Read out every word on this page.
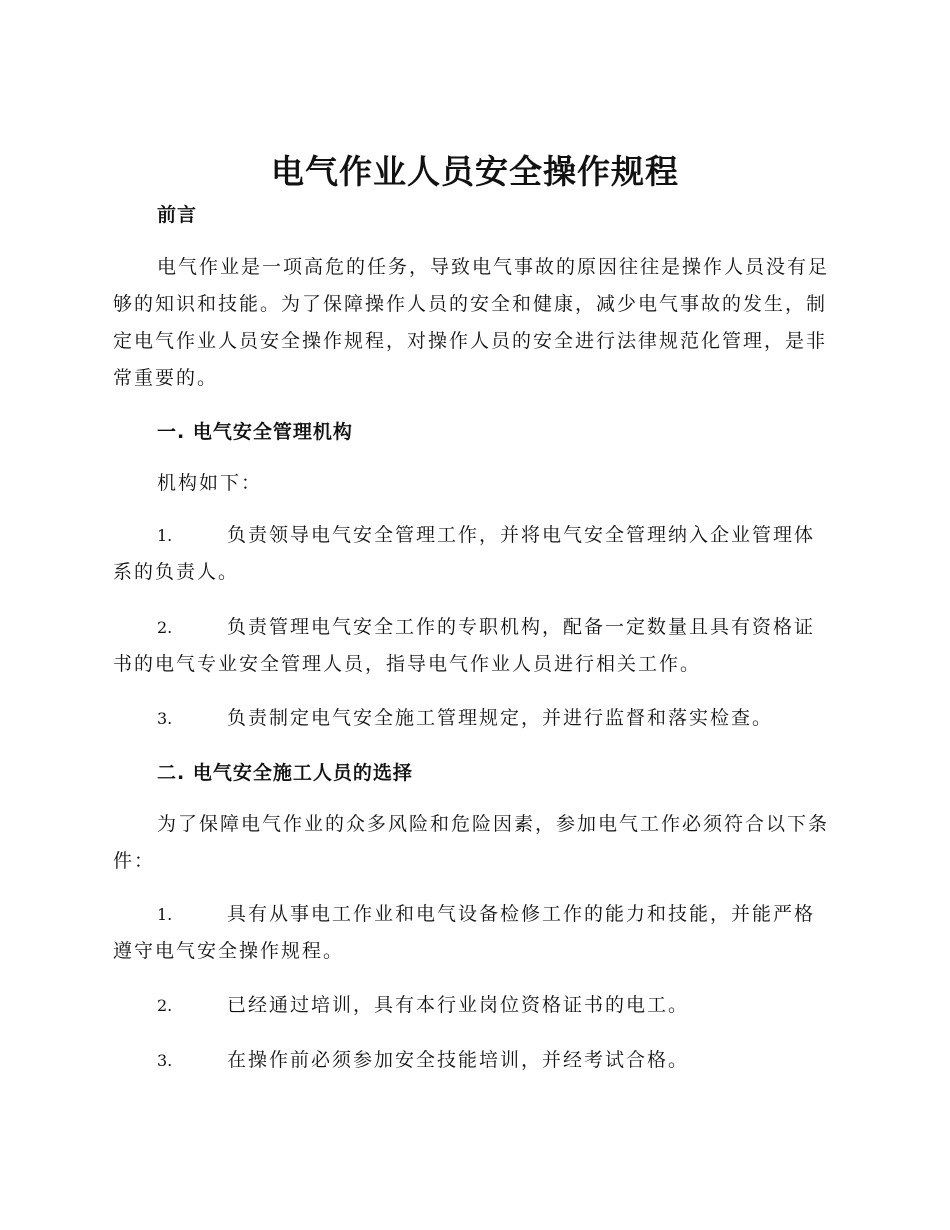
电气作业人员安全操作规程
前言

电气作业是一项高危的任务，导致电气事故的原因往往是操作人员没有足够的知识和技能。为了保障操作人员的安全和健康，减少电气事故的发生，制定电气作业人员安全操作规程，对操作人员的安全进行法律规范化管理，是非常重要的。

一. 电气安全管理机构
机构如下：

1.	负责领导电气安全管理工作，并将电气安全管理纳入企业管理体系的负责人。

2.	负责管理电气安全工作的专职机构，配备一定数量且具有资格证书的电气专业安全管理人员，指导电气作业人员进行相关工作。

3.	负责制定电气安全施工管理规定，并进行监督和落实检查。

二. 电气安全施工人员的选择

为了保障电气作业的众多风险和危险因素，参加电气工作必须符合以下条件：

1.	具有从事电工作业和电气设备检修工作的能力和技能，并能严格遵守电气安全操作规程。

2.	已经通过培训，具有本行业岗位资格证书的电工。

3.	在操作前必须参加安全技能培训，并经考试合格。
